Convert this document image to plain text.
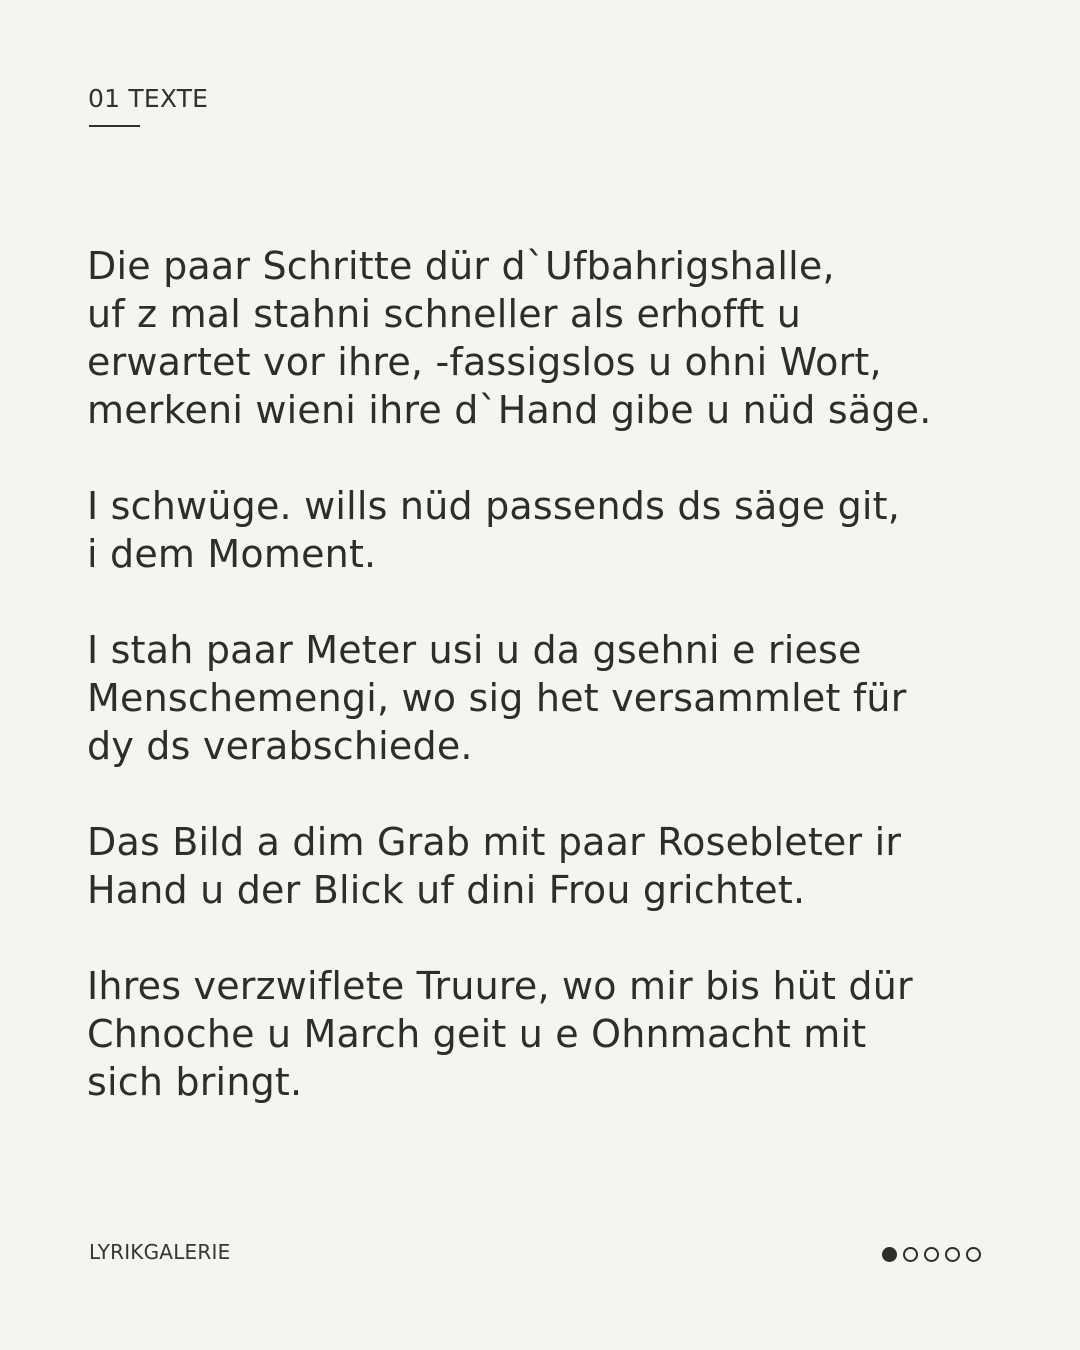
01 TEXTE
Die paar Schritte dür d`Ufbahrigshalle,
uf z mal stahni schneller als erhofft u
erwartet vor ihre, -fassigslos u ohni Wort,
merkeni wieni ihre d`Hand gibe u nüd säge.
I schwüge. wills nüd passends ds säge git,
i dem Moment.
I stah paar Meter usi u da gsehni e riese
Menschemengi, wo sig het versammlet für
dy ds verabschiede.
Das Bild a dim Grab mit paar Rosebleter ir
Hand u der Blick uf dini Frou grichtet.
Ihres verzwiflete Truure, wo mir bis hüt dür
Chnoche u March geit u e Ohnmacht mit
sich bringt.
LYRIKGALERIE
